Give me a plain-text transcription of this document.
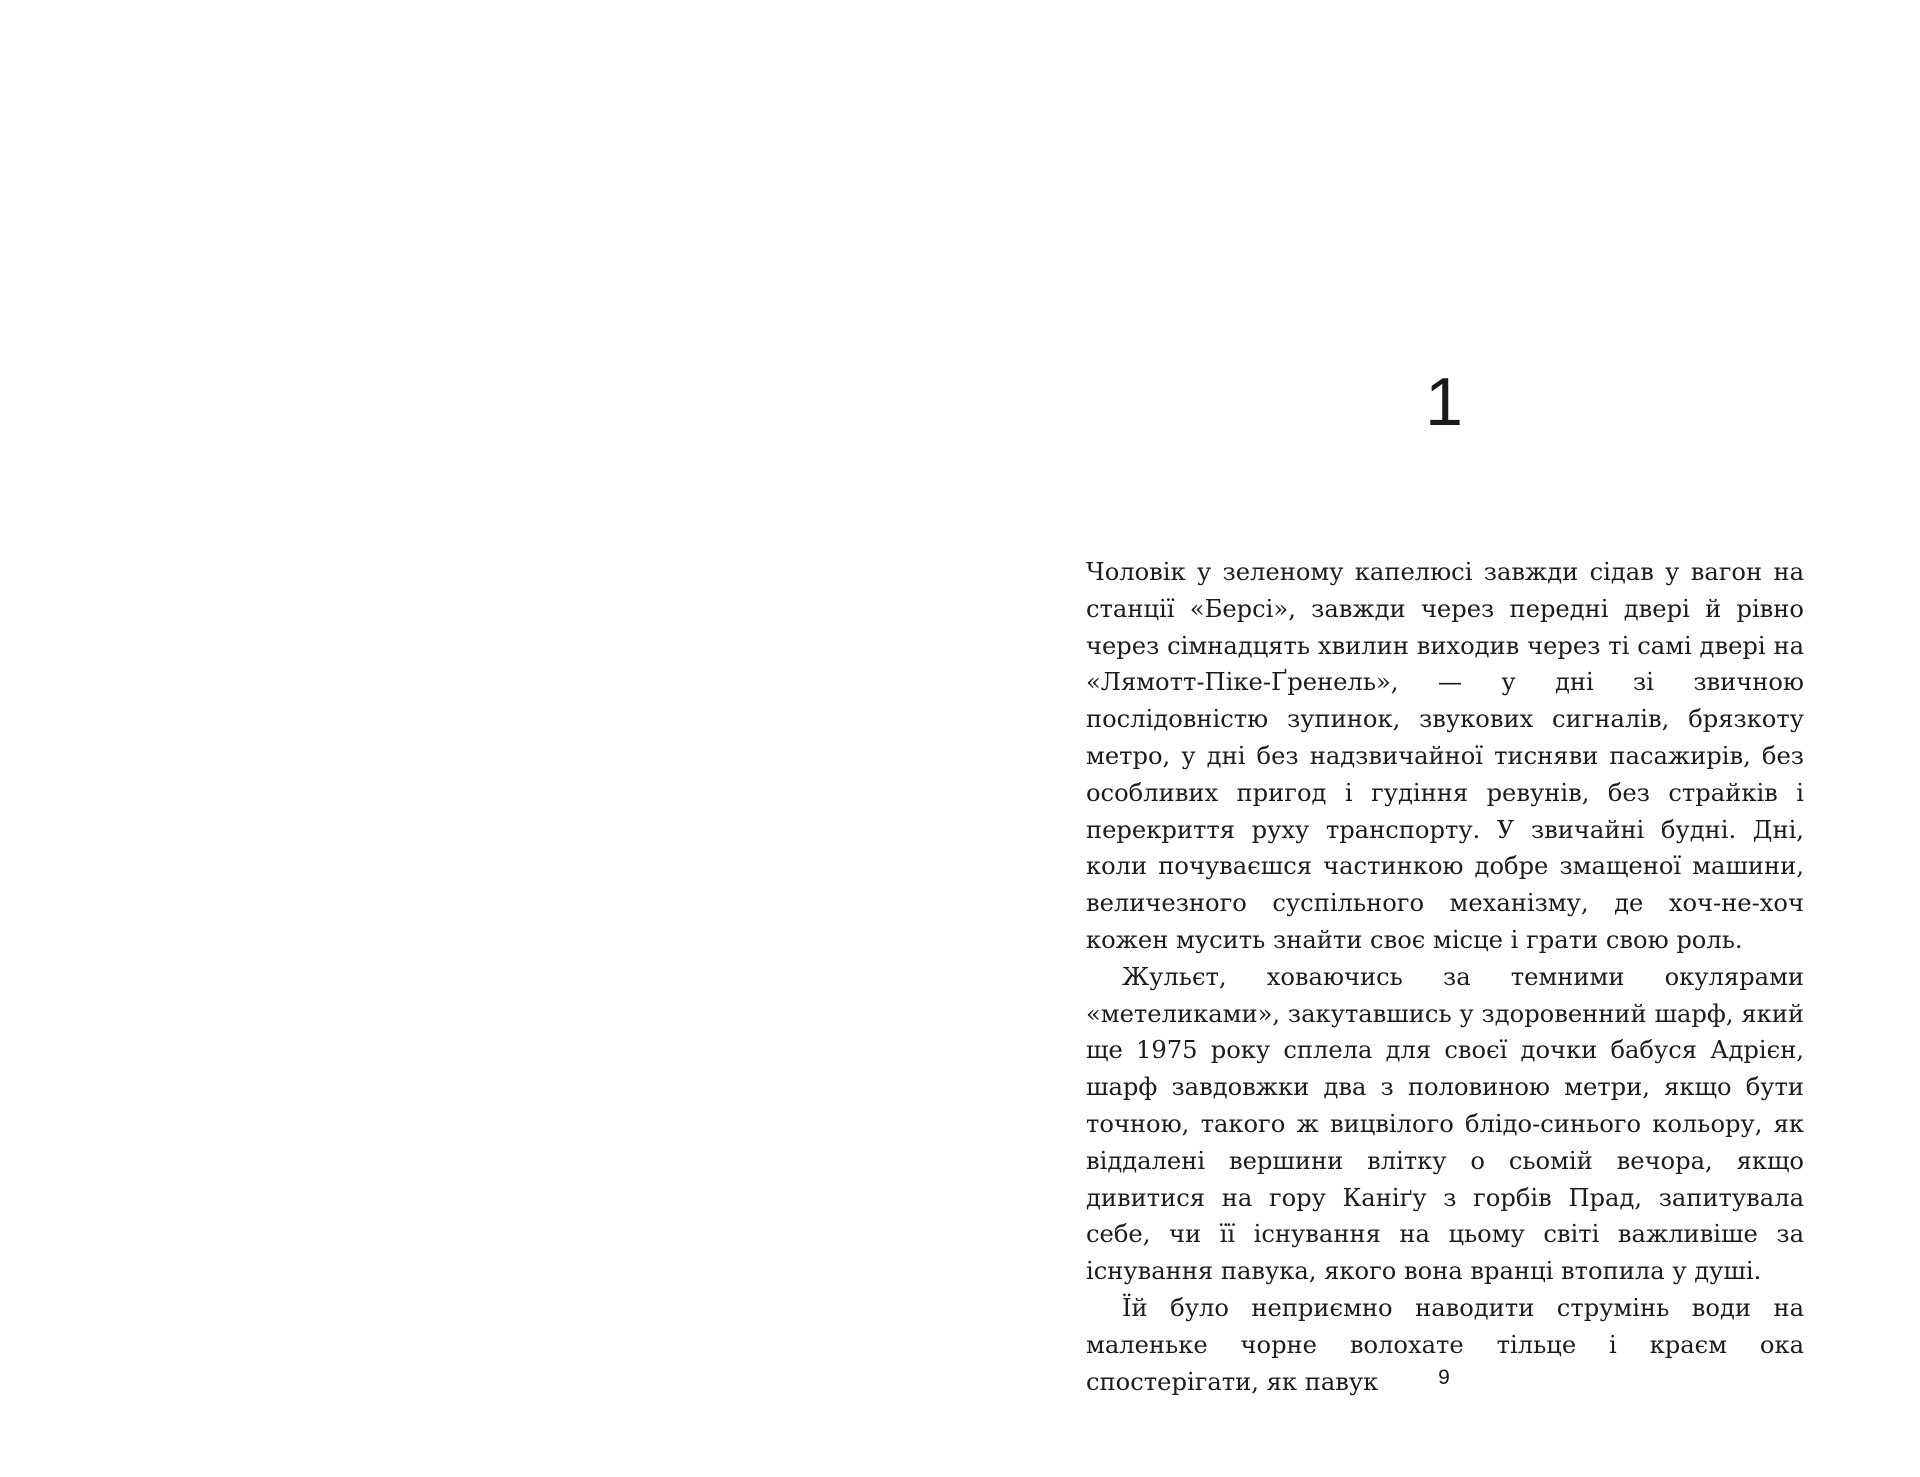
1

Чоловік у зеленому капелюсі завжди сідав у вагон на станції «Берсі», завжди через передні двері й рівно через сімнадцять хвилин виходив через ті самі двері на «Лямотт-Піке-Ґренель», — у дні зі звичною послідовністю зупинок, звукових сигналів, брязкоту метро, у дні без надзвичайної тисняви пасажирів, без особливих пригод і гудіння ревунів, без страйків і перекриття руху транспорту. У звичайні будні. Дні, коли почуваєшся частинкою добре змащеної машини, величезного суспільного механізму, де хоч-не-хоч кожен мусить знайти своє місце і грати свою роль.

Жульєт, ховаючись за темними окулярами «метеликами», закутавшись у здоровенний шарф, який ще 1975 року сплела для своєї дочки бабуся Адрієн, шарф завдовжки два з половиною метри, якщо бути точною, такого ж вицвілого блідо-синього кольору, як віддалені вершини влітку о сьомій вечора, якщо дивитися на гору Каніґу з горбів Прад, запитувала себе, чи її існування на цьому світі важливіше за існування павука, якого вона вранці втопила у душі.

Їй було неприємно наводити струмінь води на маленьке чорне волохате тільце і краєм ока спостерігати, як павук	9
